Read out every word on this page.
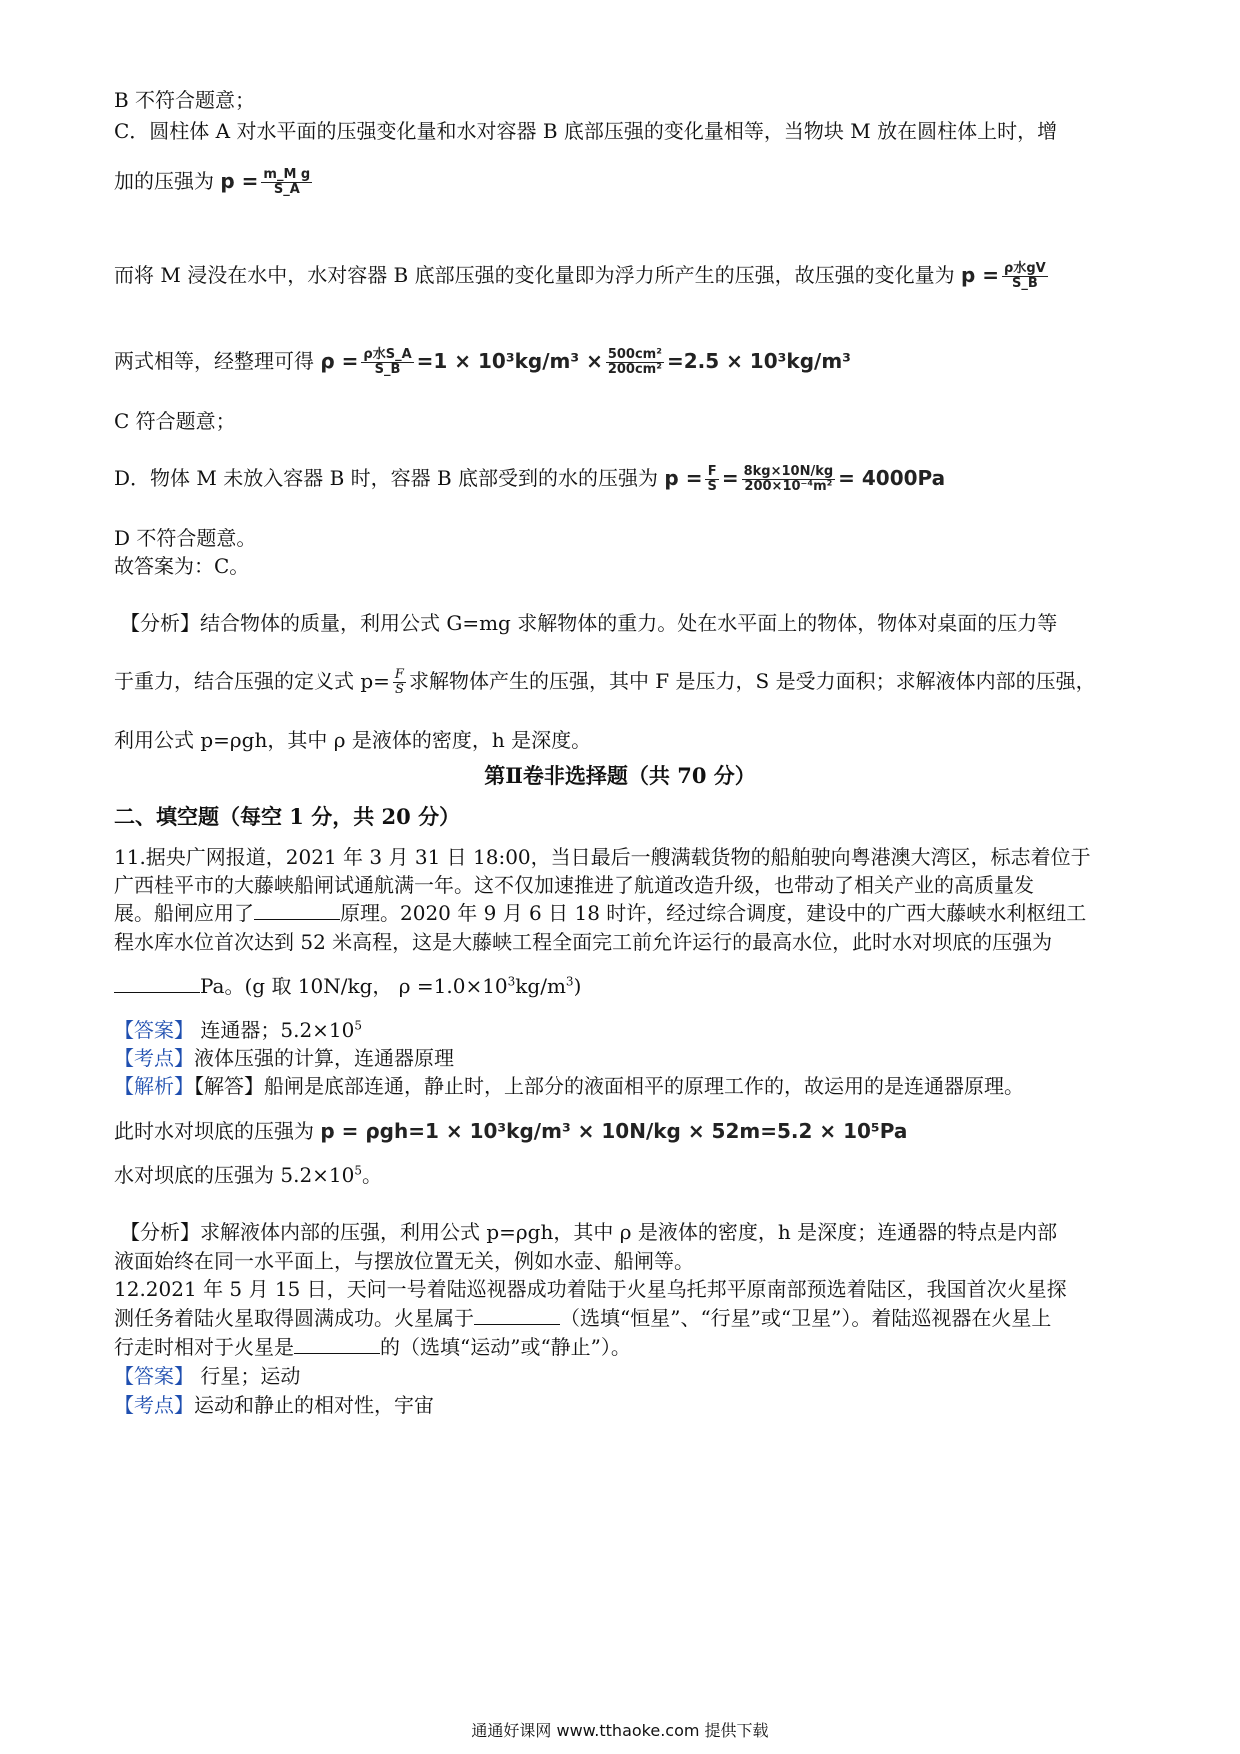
B 不符合题意；
C．圆柱体 A 对水平面的压强变化量和水对容器 B 底部压强的变化量相等，当物块 M 放在圆柱体上时，增
加的压强为 $p = \frac{\text{m\_M g}}{S\_A}$
而将 M 浸没在水中，水对容器 B 底部压强的变化量即为浮力所产生的压强，故压强的变化量为 $p = \frac{\text{ρ水gV}}{S\_B}$
两式相等，经整理可得 $\rho = \frac{\text{ρ水S\_A}}{S\_B} =1 \times 10^3kg/m^3 \times \frac{\text{500cm²}}{\text{200cm²}} =2.5 \times 10^3kg/m^3$
C 符合题意；
D．物体 M 未放入容器 B 时，容器 B 底部受到的水的压强为 $p = \frac{F}{S} = \frac{8kg\times 10N/kg}{\text{200×10⁻⁴m²}} = 4000Pa$
D 不符合题意。
故答案为：C。
【分析】结合物体的质量，利用公式 G=mg 求解物体的重力。处在水平面上的物体，物体对桌面的压力等
于重力，结合压强的定义式 $p= \frac{F}{S}$ 求解物体产生的压强，其中 F 是压力，S 是受力面积；求解液体内部的压强，
利用公式 p=ρgh，其中 ρ 是液体的密度，h 是深度。
第Ⅱ卷非选择题（共 70 分）
二、填空题（每空 1 分，共 20 分）
11.据央广网报道，2021 年 3 月 31 日 18:00，当日最后一艘满载货物的船舶驶向粤港澳大湾区，标志着位于
广西桂平市的大藤峡船闸试通航满一年。这不仅加速推进了航道改造升级，也带动了相关产业的高质量发
展。船闸应用了	原理。2020 年 9 月 6 日 18 时许，经过综合调度，建设中的广西大藤峡水利枢纽工
程水库水位首次达到 52 米高程，这是大藤峡工程全面完工前允许运行的最高水位，此时水对坝底的压强为
Pa。(g 取 10N/kg， $\rho =1.0\times 10^3kg/m^3$)
【答案】 连通器；$5.2\times 10^5$
【考点】液体压强的计算，连通器原理
【解析】【解答】船闸是底部连通，静止时，上部分的液面相平的原理工作的，故运用的是连通器原理。
此时水对坝底的压强为 p = ρgh=1 × 10³kg/m³ × 10N/kg × 52m=5.2 × 10⁵Pa
水对坝底的压强为 $5.2\times 10^5$。
【分析】求解液体内部的压强，利用公式 p=ρgh，其中 ρ 是液体的密度，h 是深度；连通器的特点是内部
液面始终在同一水平面上，与摆放位置无关，例如水壶、船闸等。
12.2021 年 5 月 15 日，天问一号着陆巡视器成功着陆于火星乌托邦平原南部预选着陆区，我国首次火星探
测任务着陆火星取得圆满成功。火星属于	（选填“恒星”、“行星”或“卫星”）。着陆巡视器在火星上
行走时相对于火星是	的（选填“运动”或“静止”）。
【答案】 行星；运动
【考点】运动和静止的相对性，宇宙
通通好课网 www.tthaoke.com 提供下载
